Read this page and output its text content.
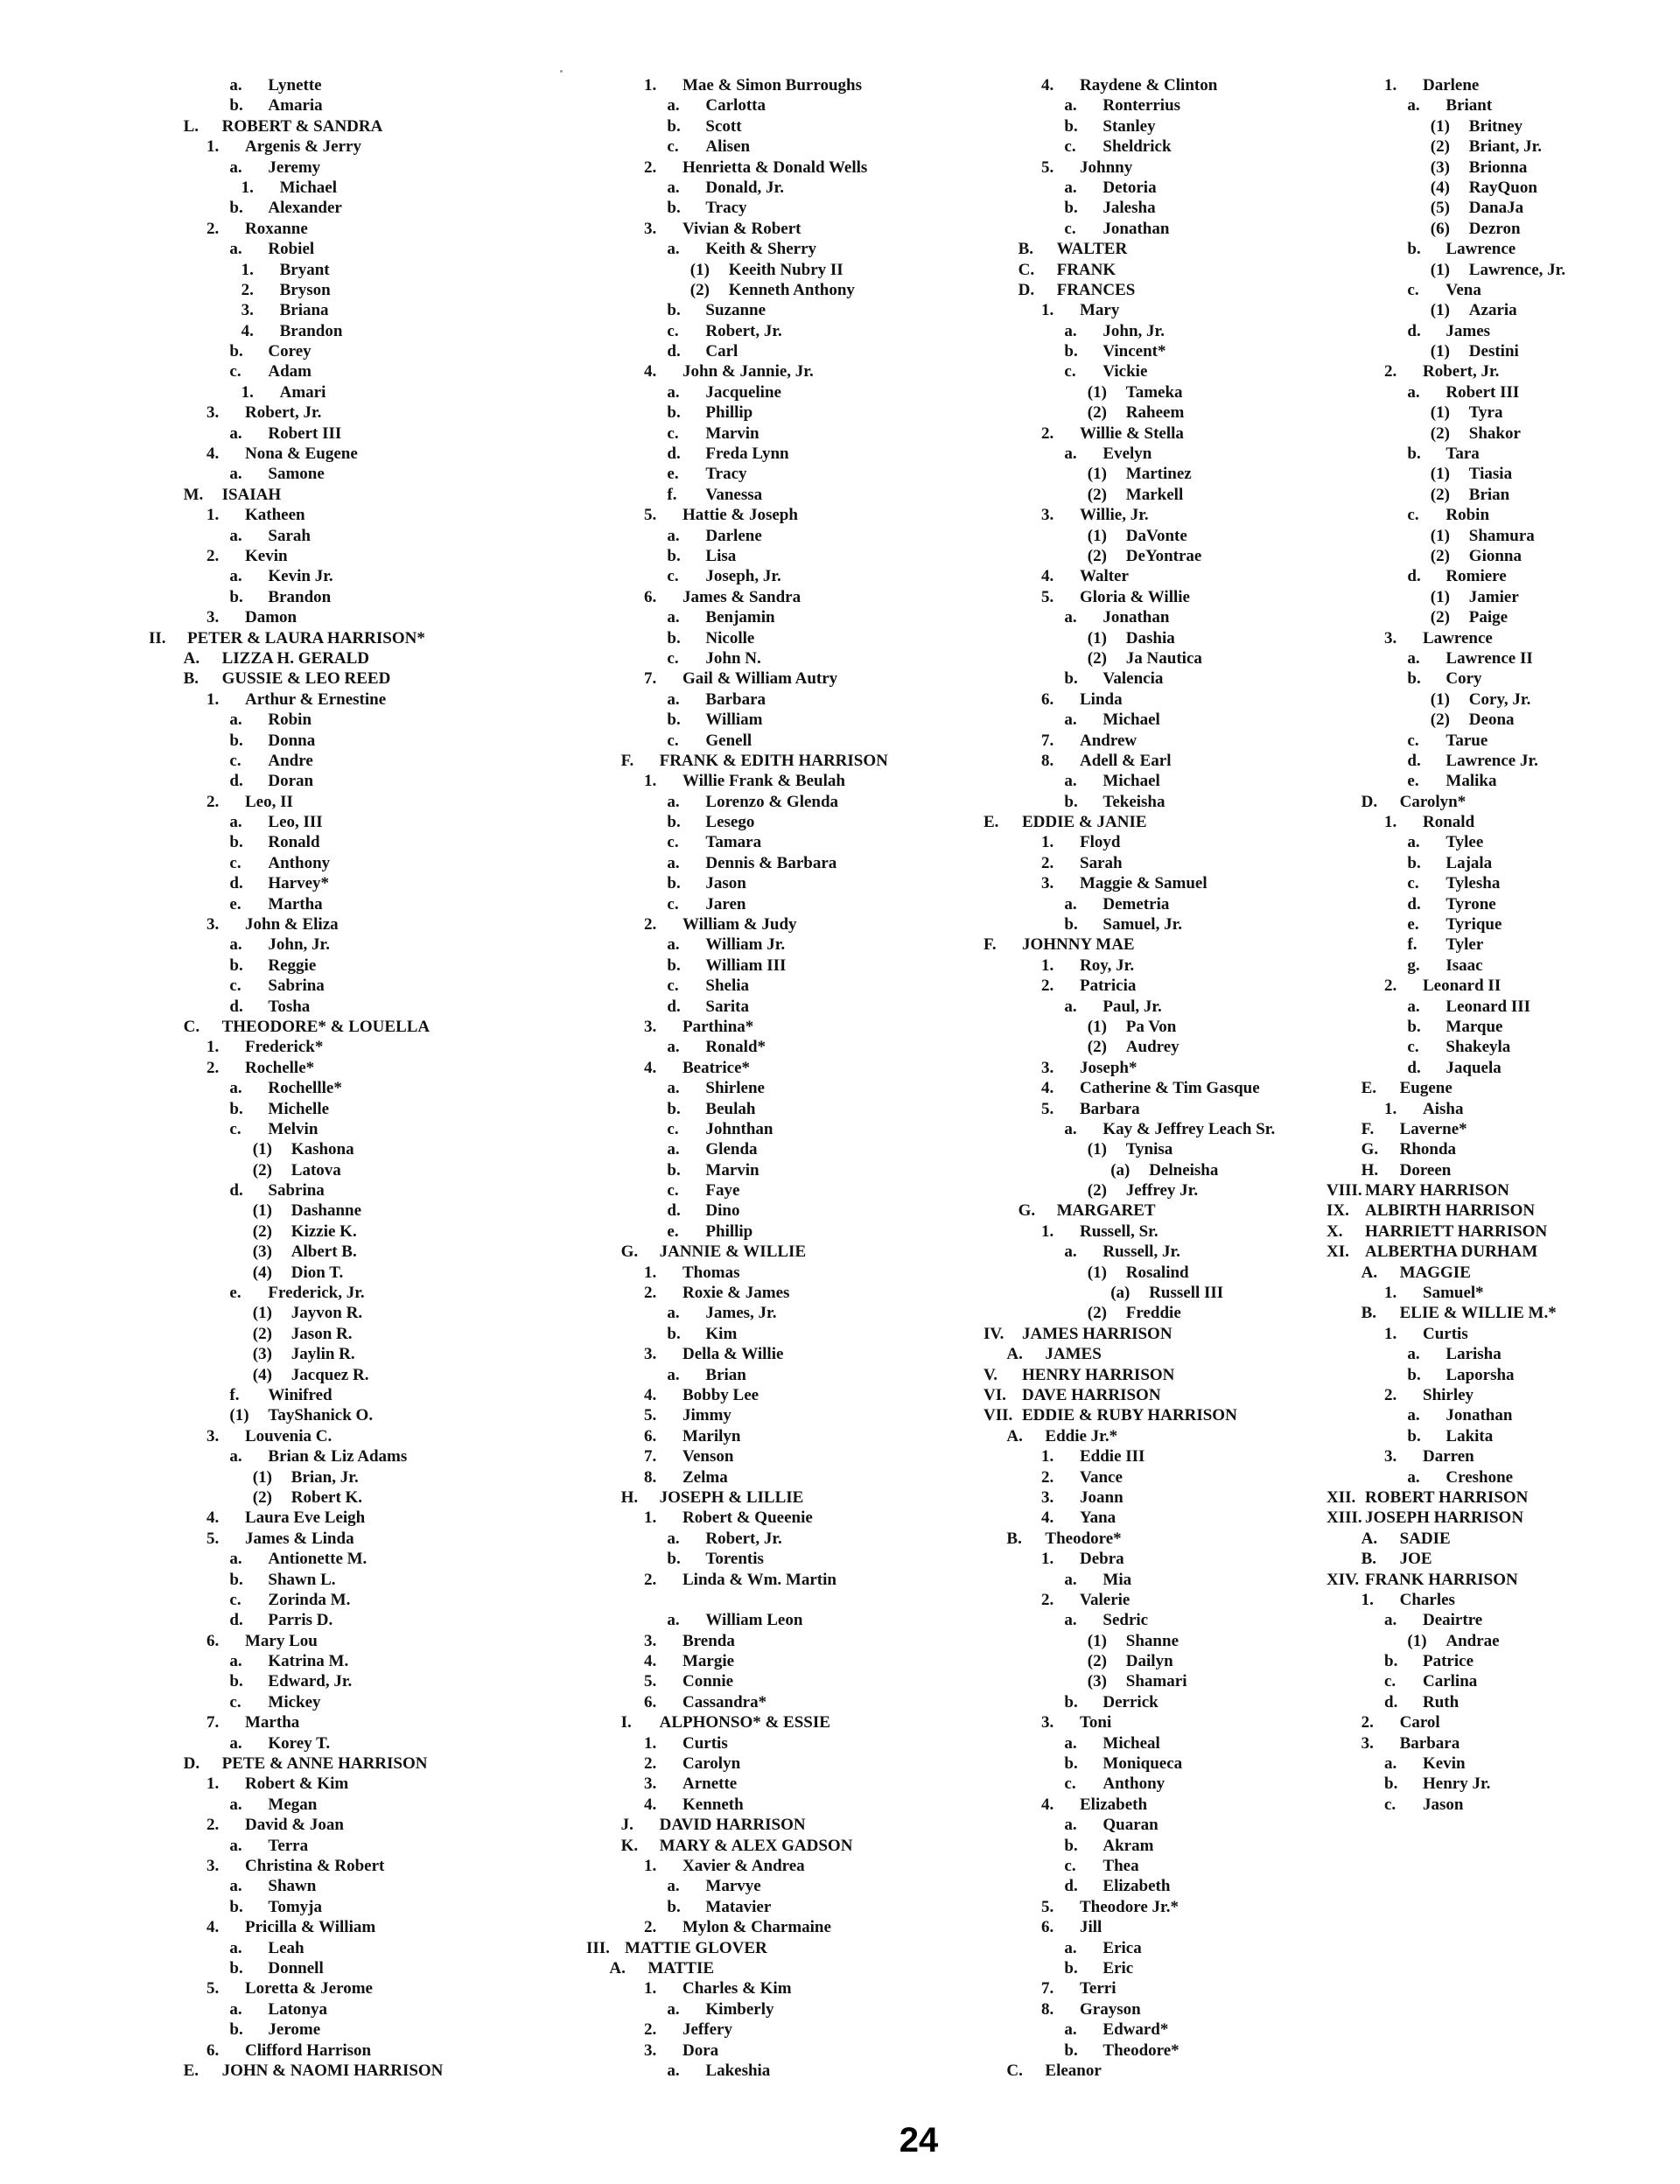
a. Lynette
b. Amaria
L. ROBERT & SANDRA
1. Argenis & Jerry
a. Jeremy
1. Michael
b. Alexander
2. Roxanne
a. Robiel
1. Bryant
2. Bryson
3. Briana
4. Brandon
b. Corey
c. Adam
1. Amari
3. Robert, Jr.
a. Robert III
4. Nona & Eugene
a. Samone
M. ISAIAH
1. Katheen
a. Sarah
2. Kevin
a. Kevin Jr.
b. Brandon
3. Damon
II. PETER & LAURA HARRISON*
A. LIZZA H. GERALD
B. GUSSIE & LEO REED
1. Arthur & Ernestine
a. Robin
b. Donna
c. Andre
d. Doran
2. Leo, II
a. Leo, III
b. Ronald
c. Anthony
d. Harvey*
e. Martha
3. John & Eliza
a. John, Jr.
b. Reggie
c. Sabrina
d. Tosha
C. THEODORE* & LOUELLA
1. Frederick*
2. Rochelle*
a. Rochellle*
b. Michelle
c. Melvin
(1) Kashona
(2) Latova
d. Sabrina
(1) Dashanne
(2) Kizzie K.
(3) Albert B.
(4) Dion T.
e. Frederick, Jr.
(1) Jayvon R.
(2) Jason R.
(3) Jaylin R.
(4) Jacquez R.
f. Winifred
(1) TayShanick O.
3. Louvenia C.
a. Brian & Liz Adams
(1) Brian, Jr.
(2) Robert K.
4. Laura Eve Leigh
5. James & Linda
a. Antionette M.
b. Shawn L.
c. Zorinda M.
d. Parris D.
6. Mary Lou
a. Katrina M.
b. Edward, Jr.
c. Mickey
7. Martha
a. Korey T.
D. PETE & ANNE HARRISON
1. Robert & Kim
a. Megan
2. David & Joan
a. Terra
3. Christina & Robert
a. Shawn
b. Tomyja
4. Pricilla & William
a. Leah
b. Donnell
5. Loretta & Jerome
a. Latonya
b. Jerome
6. Clifford Harrison
E. JOHN & NAOMI HARRISON
1. Mae & Simon Burroughs
a. Carlotta
b. Scott
c. Alisen
2. Henrietta & Donald Wells
a. Donald, Jr.
b. Tracy
3. Vivian & Robert
a. Keith & Sherry
(1) Keeith Nubry II
(2) Kenneth Anthony
b. Suzanne
c. Robert, Jr.
d. Carl
4. John & Jannie, Jr.
a. Jacqueline
b. Phillip
c. Marvin
d. Freda Lynn
e. Tracy
f. Vanessa
5. Hattie & Joseph
a. Darlene
b. Lisa
c. Joseph, Jr.
6. James & Sandra
a. Benjamin
b. Nicolle
c. John N.
7. Gail & William Autry
a. Barbara
b. William
c. Genell
F. FRANK & EDITH HARRISON
1. Willie Frank & Beulah
a. Lorenzo & Glenda
b. Lesego
c. Tamara
a. Dennis & Barbara
b. Jason
c. Jaren
2. William & Judy
a. William Jr.
b. William III
c. Shelia
d. Sarita
3. Parthina*
a. Ronald*
4. Beatrice*
a. Shirlene
b. Beulah
c. Johnthan
a. Glenda
b. Marvin
c. Faye
d. Dino
e. Phillip
G. JANNIE & WILLIE
1. Thomas
2. Roxie & James
a. James, Jr.
b. Kim
3. Della & Willie
a. Brian
4. Bobby Lee
5. Jimmy
6. Marilyn
7. Venson
8. Zelma
H. JOSEPH & LILLIE
1. Robert & Queenie
a. Robert, Jr.
b. Torentis
2. Linda & Wm. Martin
a. William Leon
3. Brenda
4. Margie
5. Connie
6. Cassandra*
I. ALPHONSO* & ESSIE
1. Curtis
2. Carolyn
3. Arnette
4. Kenneth
J. DAVID HARRISON
K. MARY & ALEX GADSON
1. Xavier & Andrea
a. Marvye
b. Matavier
2. Mylon & Charmaine
III. MATTIE GLOVER
A. MATTIE
1. Charles & Kim
a. Kimberly
2. Jeffery
3. Dora
a. Lakeshia
4. Raydene & Clinton
a. Ronterrius
b. Stanley
c. Sheldrick
5. Johnny
a. Detoria
b. Jalesha
c. Jonathan
B. WALTER
C. FRANK
D. FRANCES
1. Mary
a. John, Jr.
b. Vincent*
c. Vickie
(1) Tameka
(2) Raheem
2. Willie & Stella
a. Evelyn
(1) Martinez
(2) Markell
3. Willie, Jr.
(1) DaVonte
(2) DeYontrae
4. Walter
5. Gloria & Willie
a. Jonathan
(1) Dashia
(2) Ja Nautica
b. Valencia
6. Linda
a. Michael
7. Andrew
8. Adell & Earl
a. Michael
b. Tekeisha
E. EDDIE & JANIE
1. Floyd
2. Sarah
3. Maggie & Samuel
a. Demetria
b. Samuel, Jr.
F. JOHNNY MAE
1. Roy, Jr.
2. Patricia
a. Paul, Jr.
(1) Pa Von
(2) Audrey
3. Joseph*
4. Catherine & Tim Gasque
5. Barbara
a. Kay & Jeffrey Leach Sr.
(1) Tynisa
(a) Delneisha
(2) Jeffrey Jr.
G. MARGARET
1. Russell, Sr.
a. Russell, Jr.
(1) Rosalind
(a) Russell III
(2) Freddie
IV. JAMES HARRISON
A. JAMES
V. HENRY HARRISON
VI. DAVE HARRISON
VII. EDDIE & RUBY HARRISON
A. Eddie Jr.*
1. Eddie III
2. Vance
3. Joann
4. Yana
B. Theodore*
1. Debra
a. Mia
2. Valerie
a. Sedric
(1) Shanne
(2) Dailyn
(3) Shamari
b. Derrick
3. Toni
a. Micheal
b. Moniqueca
c. Anthony
4. Elizabeth
a. Quaran
b. Akram
c. Thea
d. Elizabeth
5. Theodore Jr.*
6. Jill
a. Erica
b. Eric
7. Terri
8. Grayson
a. Edward*
b. Theodore*
C. Eleanor
1. Darlene
a. Briant
(1) Britney
(2) Briant, Jr.
(3) Brionna
(4) RayQuon
(5) DanaJa
(6) Dezron
b. Lawrence
(1) Lawrence, Jr.
c. Vena
(1) Azaria
d. James
(1) Destini
2. Robert, Jr.
a. Robert III
(1) Tyra
(2) Shakor
b. Tara
(1) Tiasia
(2) Brian
c. Robin
(1) Shamura
(2) Gionna
d. Romiere
(1) Jamier
(2) Paige
3. Lawrence
a. Lawrence II
b. Cory
(1) Cory, Jr.
(2) Deona
c. Tarue
d. Lawrence Jr.
e. Malika
D. Carolyn*
1. Ronald
a. Tylee
b. Lajala
c. Tylesha
d. Tyrone
e. Tyrique
f. Tyler
g. Isaac
2. Leonard II
a. Leonard III
b. Marque
c. Shakeyla
d. Jaquela
E. Eugene
1. Aisha
F. Laverne*
G. Rhonda
H. Doreen
VIII. MARY HARRISON
IX. ALBIRTH HARRISON
X. HARRIETT HARRISON
XI. ALBERTHA DURHAM
A. MAGGIE
1. Samuel*
B. ELIE & WILLIE M.*
1. Curtis
a. Larisha
b. Laporsha
2. Shirley
a. Jonathan
b. Lakita
3. Darren
a. Creshone
XII. ROBERT HARRISON
XIII. JOSEPH HARRISON
A. SADIE
B. JOE
XIV. FRANK HARRISON
1. Charles
a. Deairtre
(1) Andrae
b. Patrice
c. Carlina
d. Ruth
2. Carol
3. Barbara
a. Kevin
b. Henry Jr.
c. Jason
24
